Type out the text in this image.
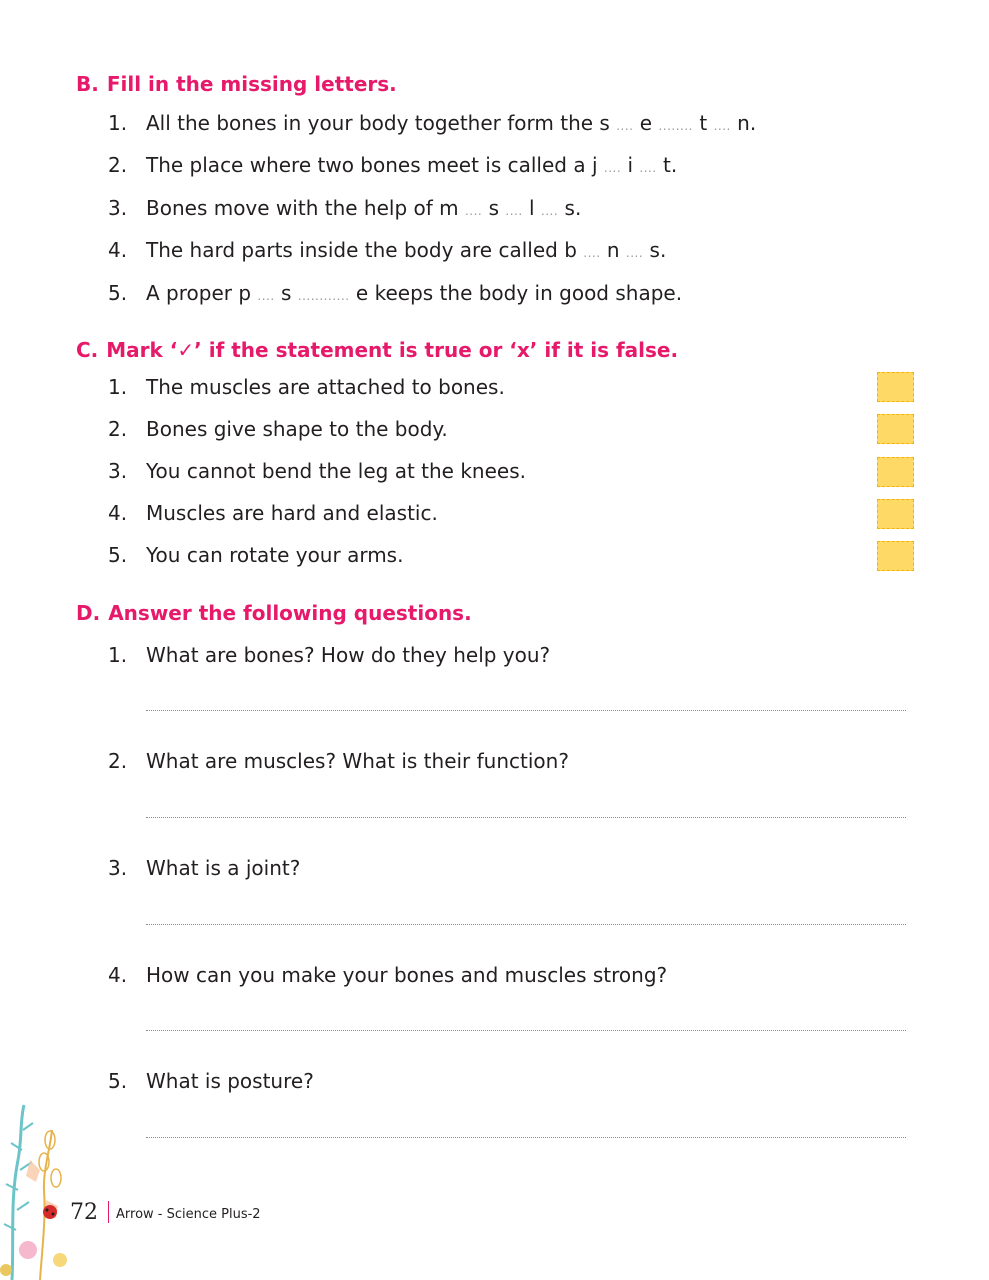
B. Fill in the missing letters.
1. All the bones in your body together form the s .... e ........ t .... n.
2. The place where two bones meet is called a j .... i .... t.
3. Bones move with the help of m .... s .... l .... s.
4. The hard parts inside the body are called b .... n .... s.
5. A proper p .... s ............ e keeps the body in good shape.
C. Mark ‘✓’ if the statement is true or ‘x’ if it is false.
1. The muscles are attached to bones.
2. Bones give shape to the body.
3. You cannot bend the leg at the knees.
4. Muscles are hard and elastic.
5. You can rotate your arms.
D. Answer the following questions.
1. What are bones? How do they help you?
2. What are muscles? What is their function?
3. What is a joint?
4. How can you make your bones and muscles strong?
5. What is posture?
72 Arrow - Science Plus-2
